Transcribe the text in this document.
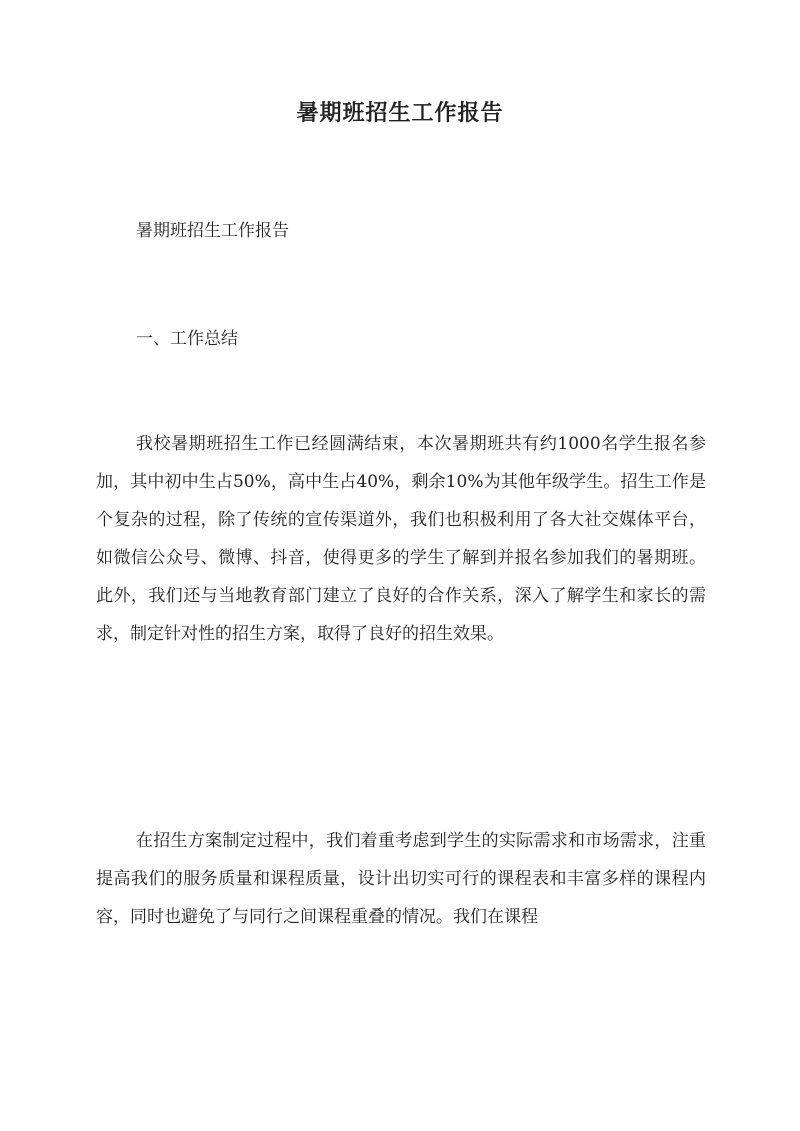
暑期班招生工作报告
暑期班招生工作报告
一、工作总结

我校暑期班招生工作已经圆满结束，本次暑期班共有约1000名学生报名参加，其中初中生占50%，高中生占40%，剩余10%为其他年级学生。招生工作是个复杂的过程，除了传统的宣传渠道外，我们也积极利用了各大社交媒体平台，如微信公众号、微博、抖音，使得更多的学生了解到并报名参加我们的暑期班。此外，我们还与当地教育部门建立了良好的合作关系，深入了解学生和家长的需求，制定针对性的招生方案，取得了良好的招生效果。

在招生方案制定过程中，我们着重考虑到学生的实际需求和市场需求，注重提高我们的服务质量和课程质量，设计出切实可行的课程表和丰富多样的课程内容，同时也避免了与同行之间课程重叠的情况。我们在课程
